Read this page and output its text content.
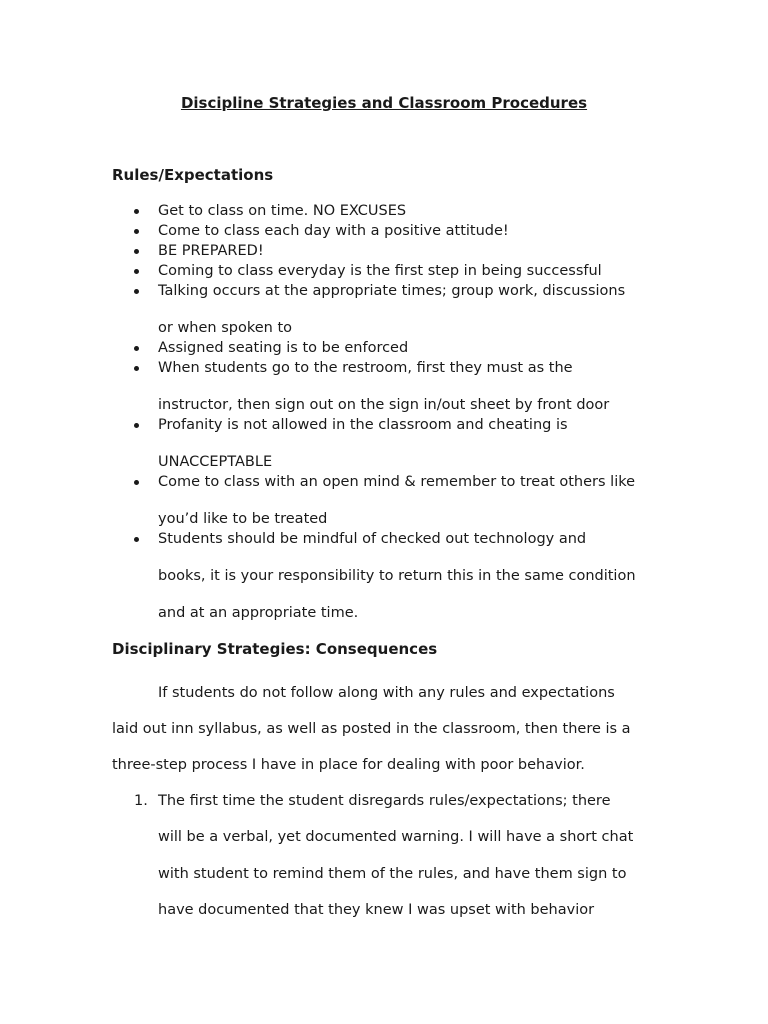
Discipline Strategies and Classroom Procedures
Rules/Expectations
Get to class on time. NO EXCUSES
Come to class each day with a positive attitude!
BE PREPARED!
Coming to class everyday is the first step in being successful
Talking occurs at the appropriate times; group work, discussions
or when spoken to
Assigned seating is to be enforced
When students go to the restroom, first they must as the
instructor, then sign out on the sign in/out sheet by front door
Profanity is not allowed in the classroom and cheating is
UNACCEPTABLE
Come to class with an open mind & remember to treat others like
you’d like to be treated
Students should be mindful of checked out technology and
books, it is your responsibility to return this in the same condition
and at an appropriate time.
Disciplinary Strategies: Consequences

If students do not follow along with any rules and expectations
laid out inn syllabus, as well as posted in the classroom, then there is a
three-step process I have in place for dealing with poor behavior.

1. The first time the student disregards rules/expectations; there
will be a verbal, yet documented warning. I will have a short chat
with student to remind them of the rules, and have them sign to
have documented that they knew I was upset with behavior
